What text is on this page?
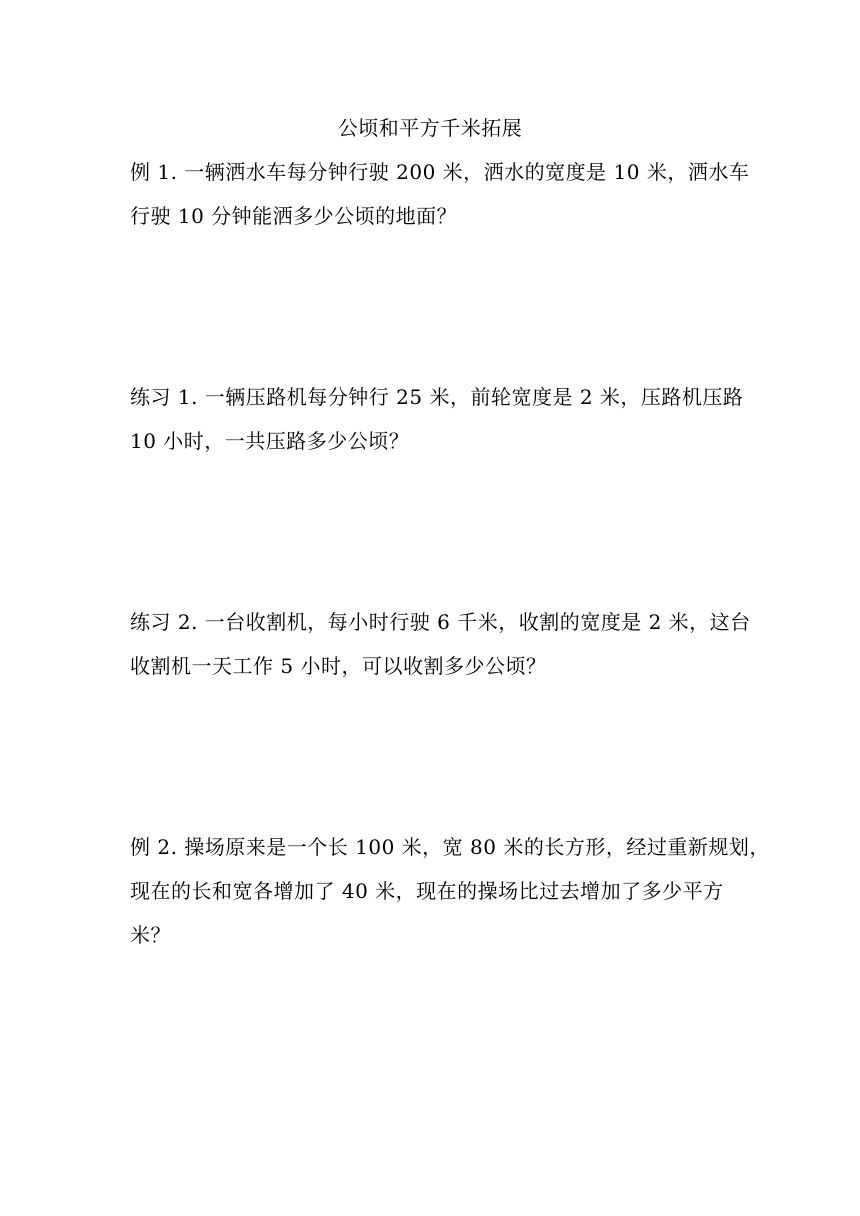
公顷和平方千米拓展
例 1. 一辆洒水车每分钟行驶 200 米，洒水的宽度是 10 米，洒水车
行驶 10 分钟能洒多少公顷的地面？
练习 1. 一辆压路机每分钟行 25 米，前轮宽度是 2 米，压路机压路
10 小时，一共压路多少公顷？
练习 2. 一台收割机，每小时行驶 6 千米，收割的宽度是 2 米，这台
收割机一天工作 5 小时，可以收割多少公顷？
例 2. 操场原来是一个长 100 米，宽 80 米的长方形，经过重新规划，
现在的长和宽各增加了 40 米，现在的操场比过去增加了多少平方
米？
